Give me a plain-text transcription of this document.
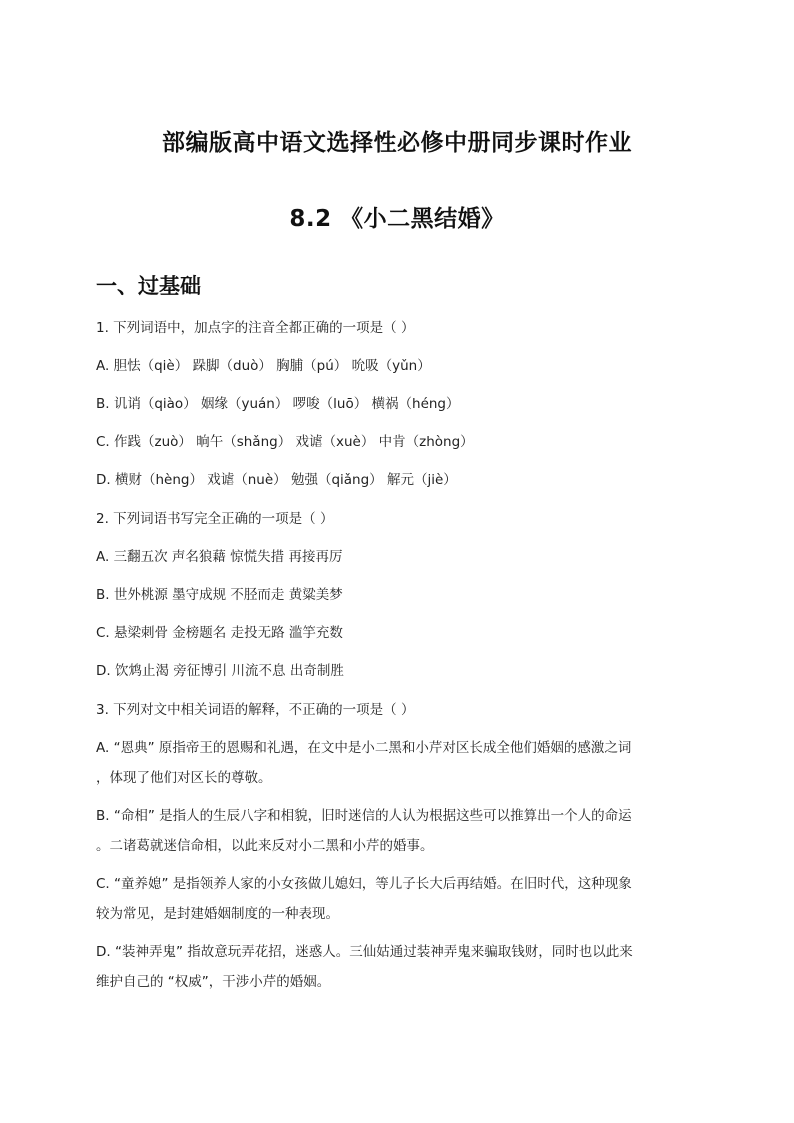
部编版高中语文选择性必修中册同步课时作业
8.2 《小二黑结婚》
一、过基础
1. 下列词语中，加点字的注音全都正确的一项是（ ）
A. 胆怯（qiè） 跺脚（duò） 胸脯（pú） 吮吸（yǔn）
B. 讥诮（qiào） 姻缘（yuán） 啰唆（luō） 横祸（héng）
C. 作践（zuò） 晌午（shǎng） 戏谑（xuè） 中肯（zhòng）
D. 横财（hèng） 戏谑（nuè） 勉强（qiǎng） 解元（jiè）
2. 下列词语书写完全正确的一项是（ ）
A. 三翻五次 声名狼藉 惊慌失措 再接再厉
B. 世外桃源 墨守成规 不胫而走 黄粱美梦
C. 悬梁刺骨 金榜题名 走投无路 滥竽充数
D. 饮鸩止渴 旁征博引 川流不息 出奇制胜
3. 下列对文中相关词语的解释，不正确的一项是（ ）
A. “恩典” 原指帝王的恩赐和礼遇，在文中是小二黑和小芹对区长成全他们婚姻的感激之词
，体现了他们对区长的尊敬。
B. “命相” 是指人的生辰八字和相貌，旧时迷信的人认为根据这些可以推算出一个人的命运
。二诸葛就迷信命相，以此来反对小二黑和小芹的婚事。
C. “童养媳” 是指领养人家的小女孩做儿媳妇，等儿子长大后再结婚。在旧时代，这种现象
较为常见，是封建婚姻制度的一种表现。
D. “装神弄鬼” 指故意玩弄花招，迷惑人。三仙姑通过装神弄鬼来骗取钱财，同时也以此来
维护自己的 “权威”，干涉小芹的婚姻。
